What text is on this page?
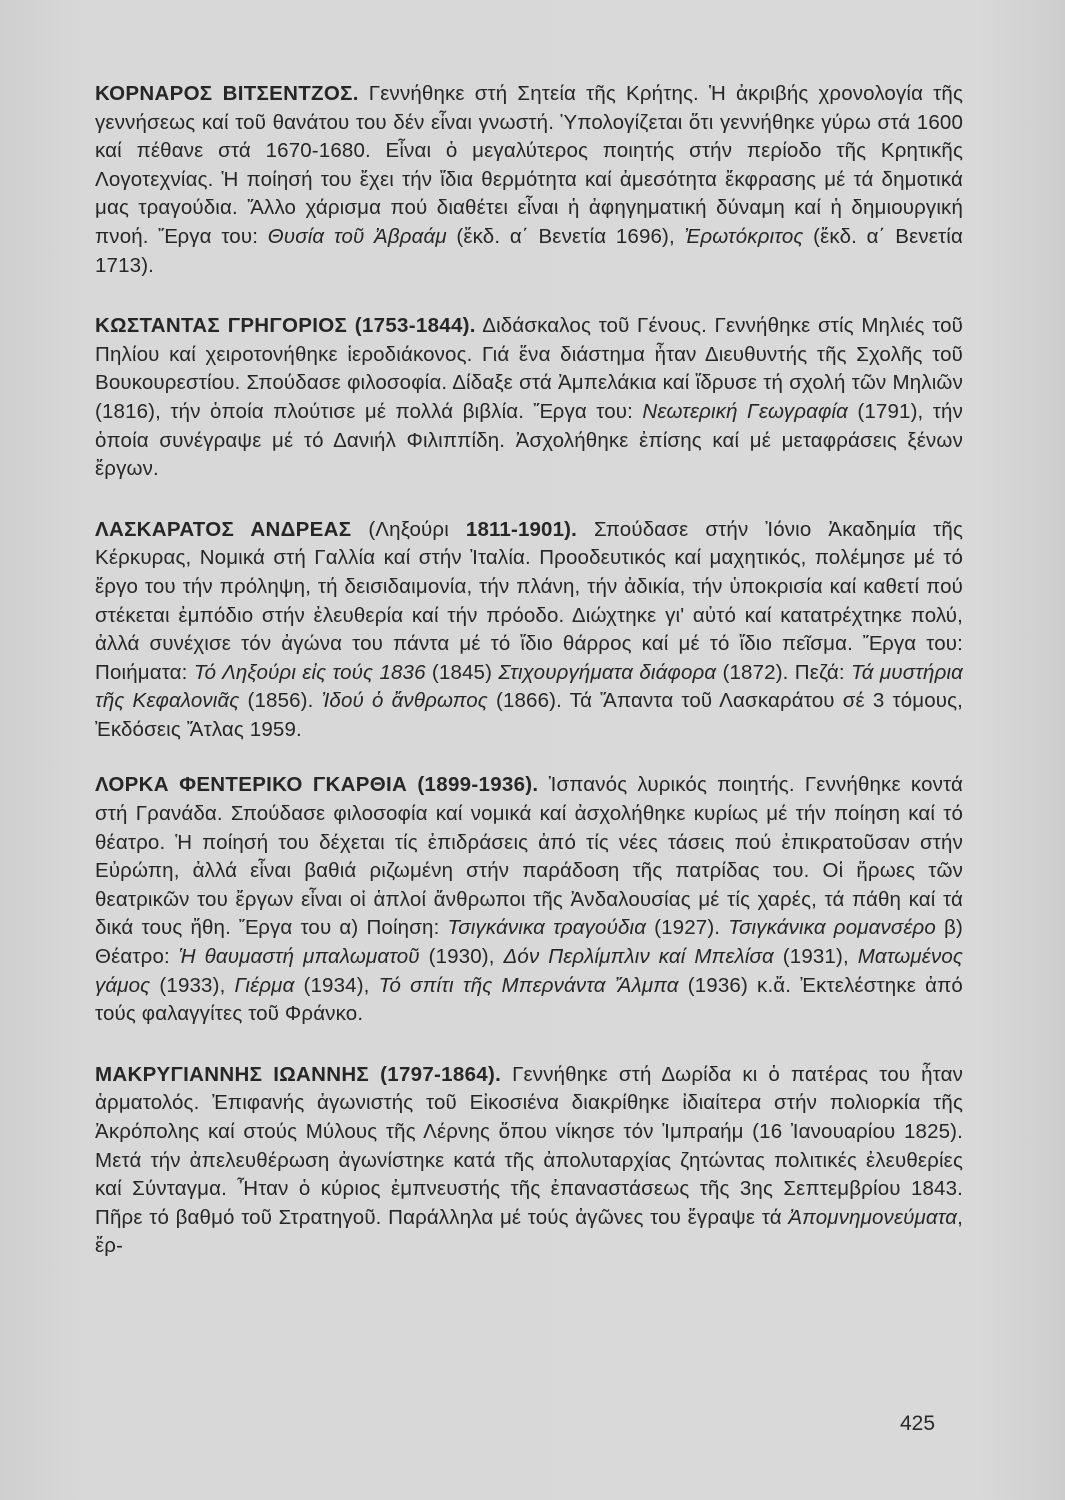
ΚΟΡΝΑΡΟΣ ΒΙΤΣΕΝΤΖΟΣ. Γεννήθηκε στή Σητεία τῆς Κρήτης. Ἡ ἀκριβής χρονολογία τῆς γεννήσεως καί τοῦ θανάτου του δέν εἶναι γνωστή. Ὑπολογίζεται ὅτι γεννήθηκε γύρω στά 1600 καί πέθανε στά 1670-1680. Εἶναι ὁ μεγαλύτερος ποιητής στήν περίοδο τῆς Κρητικῆς Λογοτεχνίας. Ἡ ποίησή του ἔχει τήν ἴδια θερμότητα καί ἀμεσότητα ἔκφρασης μέ τά δημοτικά μας τραγούδια. Ἄλλο χάρισμα πού διαθέτει εἶναι ἡ ἀφηγηματική δύναμη καί ἡ δημιουργική πνοή. Ἔργα του: Θυσία τοῦ Ἀβραάμ (ἔκδ. α΄ Βενετία 1696), Ἐρωτόκριτος (ἔκδ. α΄ Βενετία 1713).

ΚΩΣΤΑΝΤΑΣ ΓΡΗΓΟΡΙΟΣ (1753-1844). Διδάσκαλος τοῦ Γένους. Γεννήθηκε στίς Μηλιές τοῦ Πηλίου καί χειροτονήθηκε ἱεροδιάκονος. Γιά ἕνα διάστημα ἦταν Διευθυντής τῆς Σχολῆς τοῦ Βουκουρεστίου. Σπούδασε φιλοσοφία. Δίδαξε στά Ἀμπελάκια καί ἵδρυσε τή σχολή τῶν Μηλιῶν (1816), τήν ὁποία πλούτισε μέ πολλά βιβλία. Ἔργα του: Νεωτερική Γεωγραφία (1791), τήν ὁποία συνέγραψε μέ τό Δανιήλ Φιλιππίδη. Ἀσχολήθηκε ἐπίσης καί μέ μεταφράσεις ξένων ἔργων.

ΛΑΣΚΑΡΑΤΟΣ ΑΝΔΡΕΑΣ (Ληξούρι 1811-1901). Σπούδασε στήν Ἰόνιο Ἀκαδημία τῆς Κέρκυρας, Νομικά στή Γαλλία καί στήν Ἰταλία. Προοδευτικός καί μαχητικός, πολέμησε μέ τό ἔργο του τήν πρόληψη, τή δεισιδαιμονία, τήν πλάνη, τήν ἀδικία, τήν ὑποκρισία καί καθετί πού στέκεται ἐμπόδιο στήν ἐλευθερία καί τήν πρόοδο. Διώχτηκε γι' αὐτό καί κατατρέχτηκε πολύ, ἀλλά συνέχισε τόν ἀγώνα του πάντα μέ τό ἴδιο θάρρος καί μέ τό ἴδιο πεῖσμα. Ἔργα του: Ποιήματα: Τό Ληξούρι εἰς τούς 1836 (1845) Στιχουργήματα διάφορα (1872). Πεζά: Τά μυστήρια τῆς Κεφαλονιᾶς (1856). Ἰδού ὁ ἄνθρωπος (1866). Τά Ἅπαντα τοῦ Λασκαράτου σέ 3 τόμους, Ἐκδόσεις Ἄτλας 1959.

ΛΟΡΚΑ ΦΕΝΤΕΡΙΚΟ ΓΚΑΡΘΙΑ (1899-1936). Ἰσπανός λυρικός ποιητής. Γεννήθηκε κοντά στή Γρανάδα. Σπούδασε φιλοσοφία καί νομικά καί ἀσχολήθηκε κυρίως μέ τήν ποίηση καί τό θέατρο. Ἡ ποίησή του δέχεται τίς ἐπιδράσεις ἀπό τίς νέες τάσεις πού ἐπικρατοῦσαν στήν Εὐρώπη, ἀλλά εἶναι βαθιά ριζωμένη στήν παράδοση τῆς πατρίδας του. Οἱ ἥρωες τῶν θεατρικῶν του ἔργων εἶναι οἱ ἁπλοί ἄνθρωποι τῆς Ἀνδαλουσίας μέ τίς χαρές, τά πάθη καί τά δικά τους ἤθη. Ἔργα του α) Ποίηση: Τσιγκάνικα τραγούδια (1927). Τσιγκάνικα ρομανσέρο β) Θέατρο: Ἡ θαυμαστή μπαλωματοῦ (1930), Δόν Περλίμπλιν καί Μπελίσα (1931), Ματωμένος γάμος (1933), Γιέρμα (1934), Τό σπίτι τῆς Μπερνάντα Ἄλμπα (1936) κ.ἄ. Ἐκτελέστηκε ἀπό τούς φαλαγγίτες τοῦ Φράνκο.

ΜΑΚΡΥΓΙΑΝΝΗΣ ΙΩΑΝΝΗΣ (1797-1864). Γεννήθηκε στή Δωρίδα κι ὁ πατέρας του ἦταν ἁρματολός. Ἐπιφανής ἀγωνιστής τοῦ Εἰκοσιένα διακρίθηκε ἰδιαίτερα στήν πολιορκία τῆς Ἀκρόπολης καί στούς Μύλους τῆς Λέρνης ὅπου νίκησε τόν Ἰμπραήμ (16 Ἰανουαρίου 1825). Μετά τήν ἀπελευθέρωση ἀγωνίστηκε κατά τῆς ἀπολυταρχίας ζητώντας πολιτικές ἐλευθερίες καί Σύνταγμα. Ἦταν ὁ κύριος ἐμπνευστής τῆς ἐπαναστάσεως τῆς 3ης Σεπτεμβρίου 1843. Πῆρε τό βαθμό τοῦ Στρατηγοῦ. Παράλληλα μέ τούς ἀγῶνες του ἔγραψε τά Ἀπομνημονεύματα, ἔρ-

425
